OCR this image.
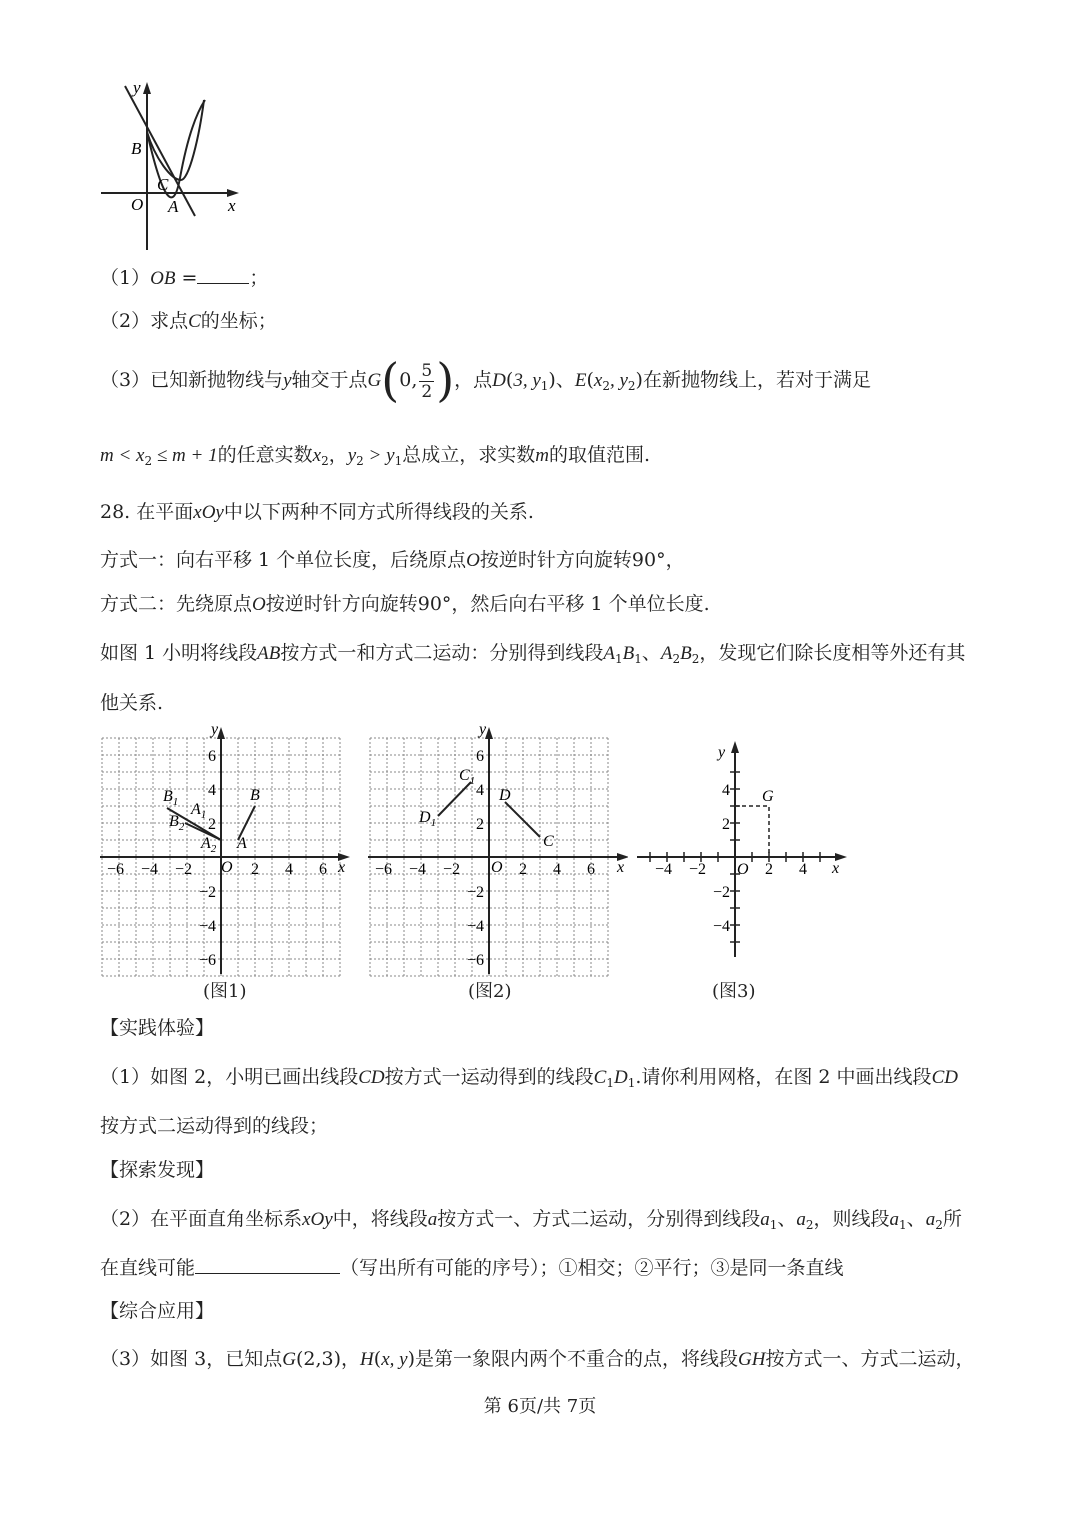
y
x
B
C
O A
（1）OB =	；
（2）求点C的坐标；
（3）已知新抛物线与y轴交于点G(0, $\frac{5}{2}$ )，点D(3, $y_1$)、$E(x_2$, $y_2$)在新抛物线上，若对于满足
$m < x_2 \le m + 1$的任意实数$x_2$，$y_2 > y_1$总成立，求实数m的取值范围.
28. 在平面xOy中以下两种不同方式所得线段的关系.
方式一：向右平移 1 个单位长度，后绕原点O按逆时针方向旋转90°，
方式二：先绕原点O按逆时针方向旋转90°，然后向右平移 1 个单位长度.
如图 1 小明将线段AB按方式一和方式二运动：分别得到线段$A_1B_1$、$A_2B_2$，发现它们除长度相等外还有其
他关系.
y
x
O
$B_1$ $A_1$
$B_2$
$A_2$
B
A
−6 −4 −2	2 4 6
6
4
2
−2
−4
−6
(图1)
y
x
O
$C_1$
$D_1$
D
C
−6 −4 −2	2 4 6
6
4
2
−2
−4
−6
(图2)
y
x
O
G
−4 −2	2 4
4
2
−2
−4
(图3)
【实践体验】
（1）如图 2，小明已画出线段CD按方式一运动得到的线段$C_1D_1$.请你利用网格，在图 2 中画出线段CD
按方式二运动得到的线段；
【探索发现】
（2）在平面直角坐标系xOy中，将线段a按方式一、方式二运动，分别得到线段$a_1$、$a_2$，则线段$a_1$、$a_2$所
在直线可能	（写出所有可能的序号）；①相交；②平行；③是同一条直线
【综合应用】
（3）如图 3，已知点G(2,3)，H(x, y)是第一象限内两个不重合的点，将线段GH按方式一、方式二运动，
第 6页/共 7页
